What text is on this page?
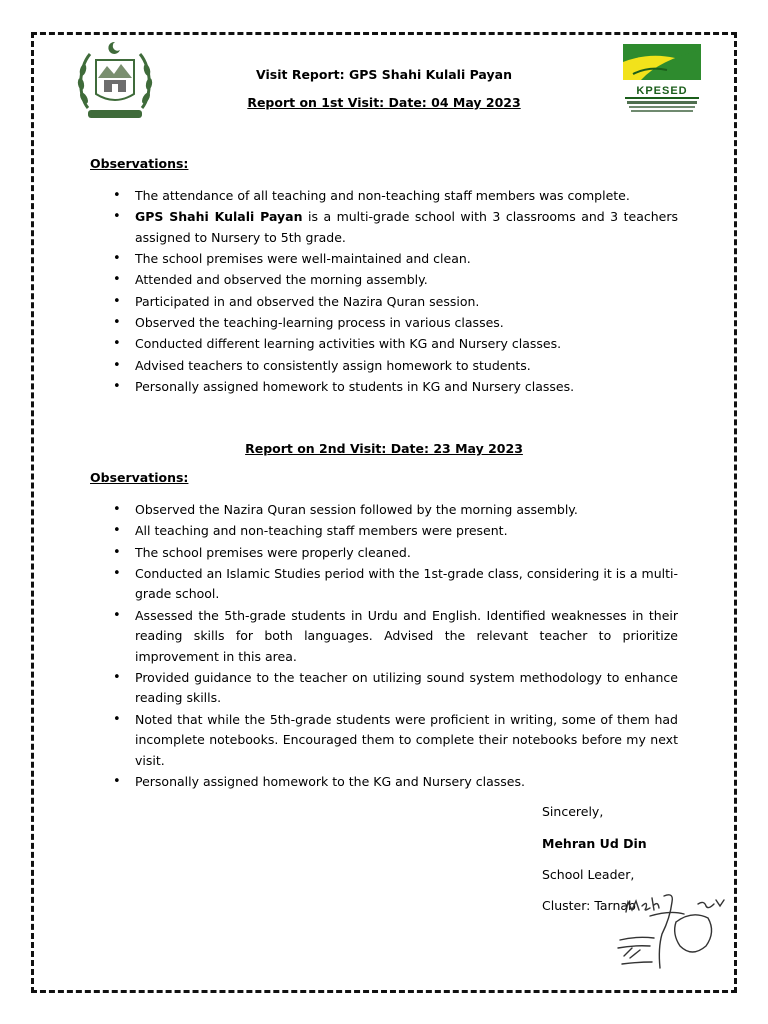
KPESED
Visit Report: GPS Shahi Kulali Payan
Report on 1st Visit: Date: 04 May 2023
Observations:
• The attendance of all teaching and non-teaching staff members was complete.
• GPS Shahi Kulali Payan is a multi-grade school with 3 classrooms and 3 teachers assigned to Nursery to 5th grade.
• The school premises were well-maintained and clean.
• Attended and observed the morning assembly.
• Participated in and observed the Nazira Quran session.
• Observed the teaching-learning process in various classes.
• Conducted different learning activities with KG and Nursery classes.
• Advised teachers to consistently assign homework to students.
• Personally assigned homework to students in KG and Nursery classes.
Report on 2nd Visit: Date: 23 May 2023
Observations:
• Observed the Nazira Quran session followed by the morning assembly.
• All teaching and non-teaching staff members were present.
• The school premises were properly cleaned.
• Conducted an Islamic Studies period with the 1st-grade class, considering it is a multi-grade school.
• Assessed the 5th-grade students in Urdu and English. Identified weaknesses in their reading skills for both languages. Advised the relevant teacher to prioritize improvement in this area.
• Provided guidance to the teacher on utilizing sound system methodology to enhance reading skills.
• Noted that while the 5th-grade students were proficient in writing, some of them had incomplete notebooks. Encouraged them to complete their notebooks before my next visit.
• Personally assigned homework to the KG and Nursery classes.
Sincerely,
Mehran Ud Din
School Leader,
Cluster: Tarnab
